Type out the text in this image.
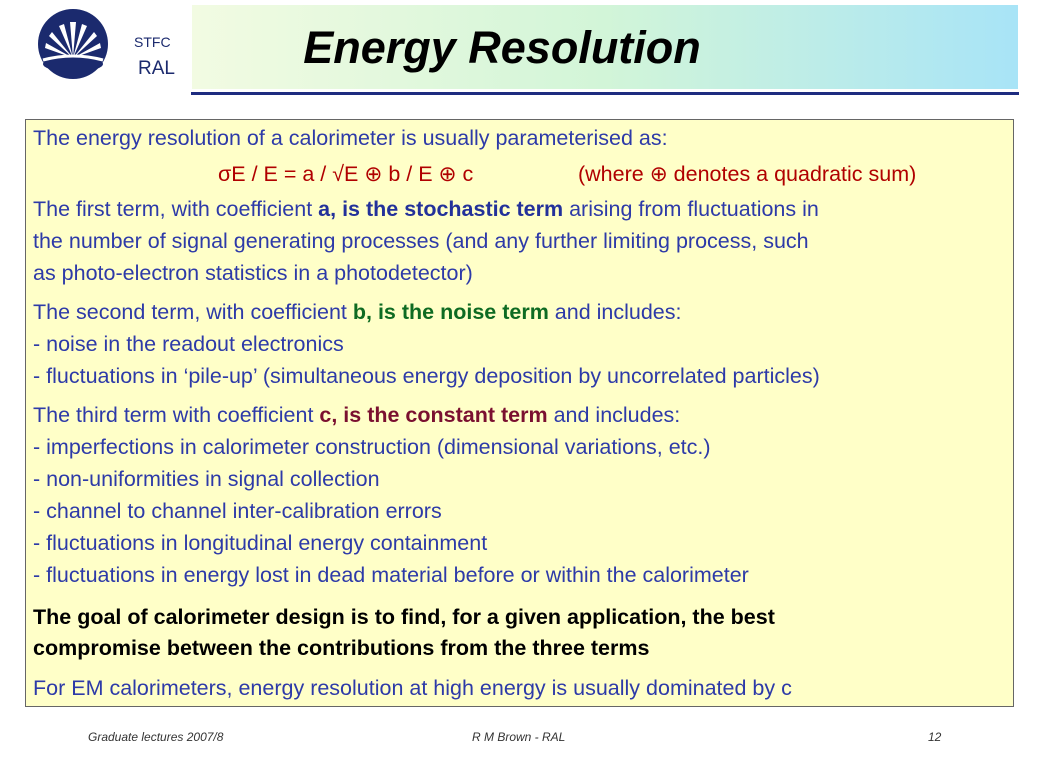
STFC
RAL	Energy Resolution
The energy resolution of a calorimeter is usually parameterised as:
σE / E = a / √E ⊕ b / E ⊕ c	(where ⊕ denotes a quadratic sum)
The first term, with coefficient a, is the stochastic term arising from fluctuations in
the number of signal generating processes (and any further limiting process, such
as photo-electron statistics in a photodetector)
The second term, with coefficient b, is the noise term and includes:
- noise in the readout electronics
- fluctuations in ‘pile-up’ (simultaneous energy deposition by uncorrelated particles)
The third term with coefficient c, is the constant term and includes:
- imperfections in calorimeter construction (dimensional variations, etc.)
- non-uniformities in signal collection
- channel to channel inter-calibration errors
- fluctuations in longitudinal energy containment
- fluctuations in energy lost in dead material before or within the calorimeter
The goal of calorimeter design is to find, for a given application, the best
compromise between the contributions from the three terms
For EM calorimeters, energy resolution at high energy is usually dominated by c
Graduate lectures 2007/8	R M Brown - RAL	12
